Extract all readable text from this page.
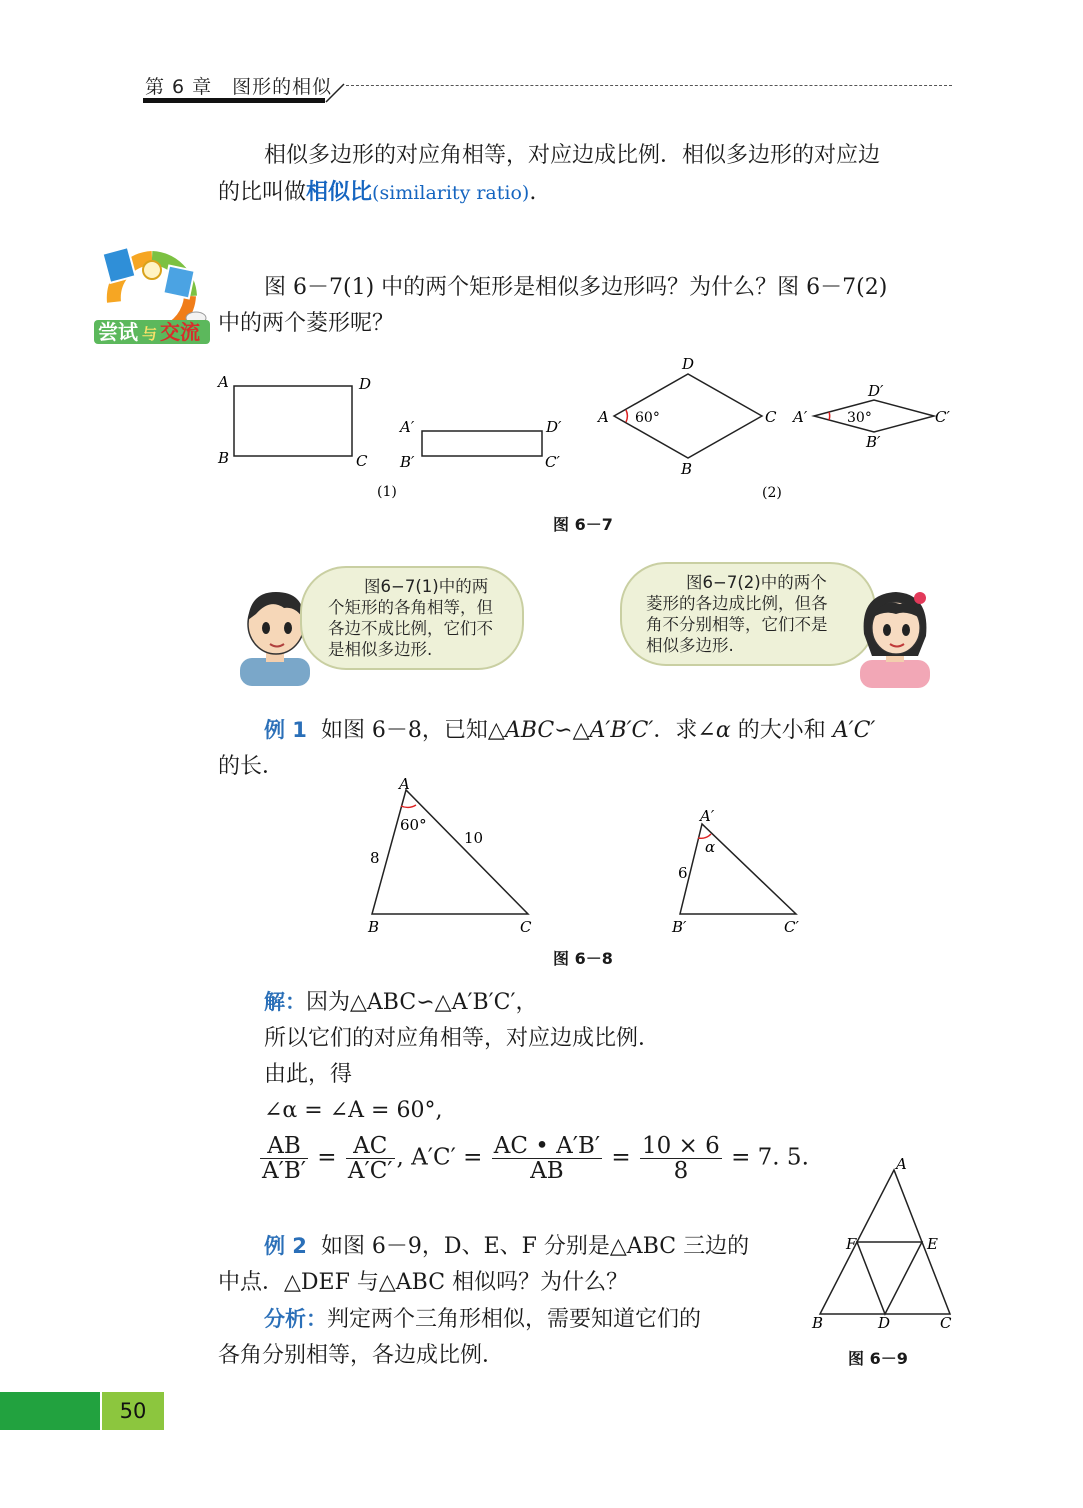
第 6 章　图形的相似
相似多边形的对应角相等，对应边成比例．相似多边形的对应边
的比叫做相似比(similarity ratio).
尝试 与 交流
图 6－7(1) 中的两个矩形是相似多边形吗？为什么？图 6－7(2)
中的两个菱形呢？
A	D
B	C
A′	D′
B′	C′
(1)
60°
A
D
C
B
30°
A′
D′
C′
B′
(2)
图 6－7
图6−7(1)中的两
个矩形的各角相等，但
各边不成比例，它们不
是相似多边形.
图6−7(2)中的两个
菱形的各边成比例，但各
角不分别相等，它们不是
相似多边形.
例 1 如图 6－8，已知△ABC∽△A′B′C′．求∠α 的大小和 A′C′
的长．
60°
A
B	C
8
10	α
A′
B′	C′
6
图 6－8
解：因为△ABC∽△A′B′C′，
所以它们的对应角相等，对应边成比例．
由此，得
∠α = ∠A = 60°,
$\frac{AB}{A'B'} = \frac{AC}{A'C'}$ , $A'C' = \frac{AC • A'B'}{AB} = \frac{10 \times 6}{8} = 7$. 5.
例 2 如图 6－9，D、E、F 分别是△ABC 三边的
中点．△DEF 与△ABC 相似吗？为什么？
分析：判定两个三角形相似，需要知道它们的
各角分别相等，各边成比例．
A
B	C
D
E
F
图 6－9
50
